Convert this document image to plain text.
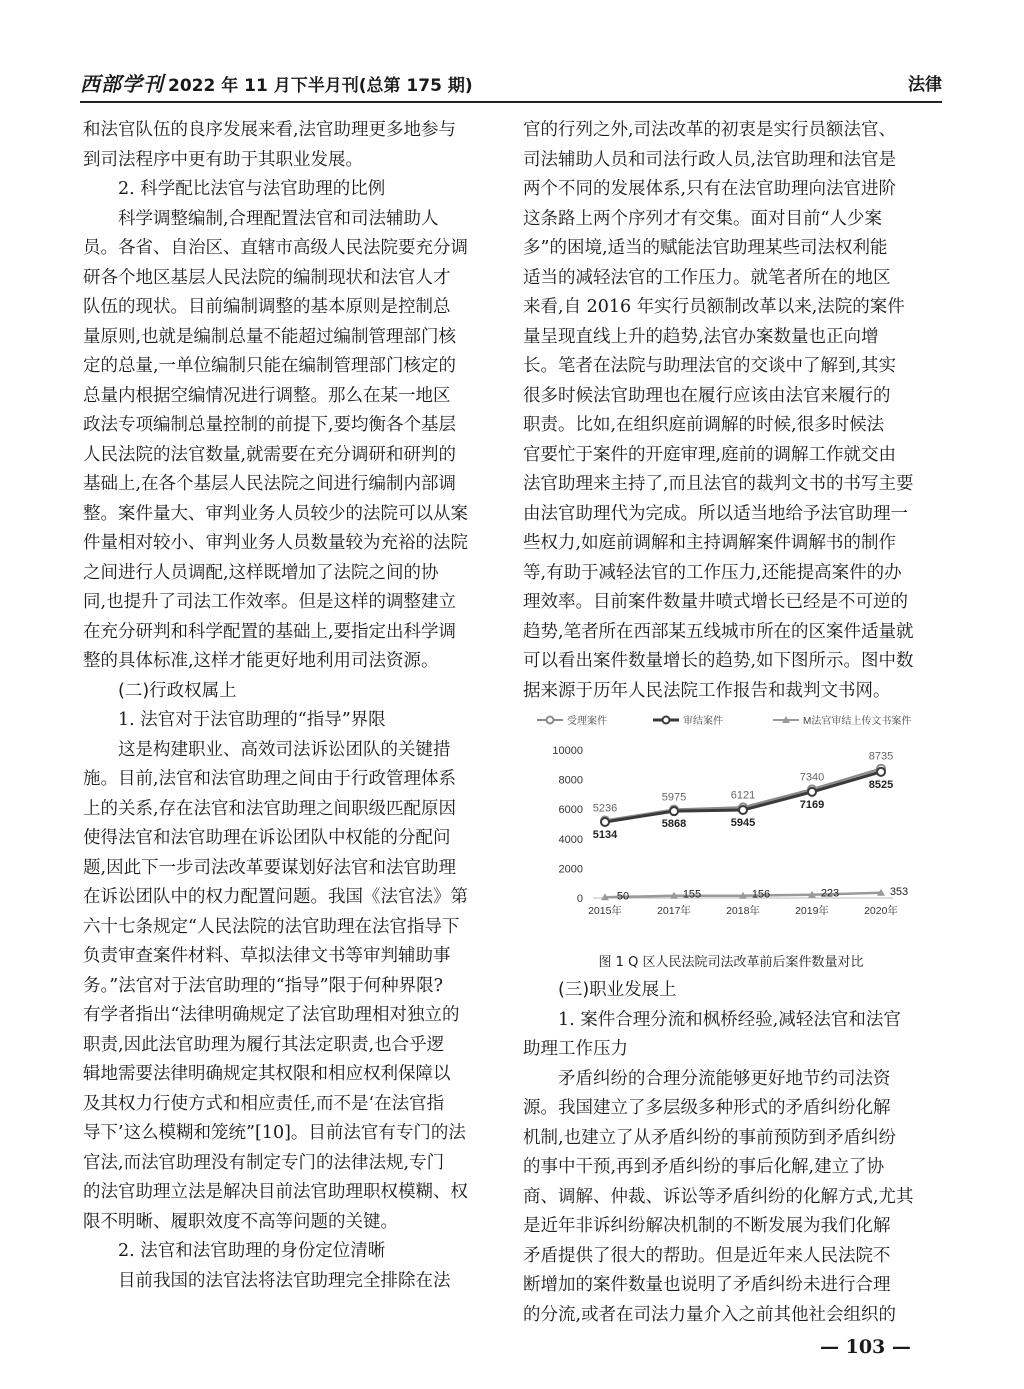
西部学刊 2022 年 11 月下半月刊(总第 175 期)	法律
和法官队伍的良序发展来看,法官助理更多地参与
到司法程序中更有助于其职业发展。
2. 科学配比法官与法官助理的比例
科学调整编制,合理配置法官和司法辅助人
员。各省、自治区、直辖市高级人民法院要充分调
研各个地区基层人民法院的编制现状和法官人才
队伍的现状。目前编制调整的基本原则是控制总
量原则,也就是编制总量不能超过编制管理部门核
定的总量,一单位编制只能在编制管理部门核定的
总量内根据空编情况进行调整。那么在某一地区
政法专项编制总量控制的前提下,要均衡各个基层
人民法院的法官数量,就需要在充分调研和研判的
基础上,在各个基层人民法院之间进行编制内部调
整。案件量大、审判业务人员较少的法院可以从案
件量相对较小、审判业务人员数量较为充裕的法院
之间进行人员调配,这样既增加了法院之间的协
同,也提升了司法工作效率。但是这样的调整建立
在充分研判和科学配置的基础上,要指定出科学调
整的具体标准,这样才能更好地利用司法资源。
(二)行政权属上
1. 法官对于法官助理的“指导”界限
这是构建职业、高效司法诉讼团队的关键措
施。目前,法官和法官助理之间由于行政管理体系
上的关系,存在法官和法官助理之间职级匹配原因
使得法官和法官助理在诉讼团队中权能的分配问
题,因此下一步司法改革要谋划好法官和法官助理
在诉讼团队中的权力配置问题。我国《法官法》第
六十七条规定“人民法院的法官助理在法官指导下
负责审查案件材料、草拟法律文书等审判辅助事
务。”法官对于法官助理的“指导”限于何种界限?
有学者指出“法律明确规定了法官助理相对独立的
职责,因此法官助理为履行其法定职责,也合乎逻
辑地需要法律明确规定其权限和相应权利保障以
及其权力行使方式和相应责任,而不是‘在法官指
导下’这么模糊和笼统”[10]。目前法官有专门的法
官法,而法官助理没有制定专门的法律法规,专门
的法官助理立法是解决目前法官助理职权模糊、权
限不明晰、履职效度不高等问题的关键。
2. 法官和法官助理的身份定位清晰
目前我国的法官法将法官助理完全排除在法
官的行列之外,司法改革的初衷是实行员额法官、
司法辅助人员和司法行政人员,法官助理和法官是
两个不同的发展体系,只有在法官助理向法官进阶
这条路上两个序列才有交集。面对目前“人少案
多”的困境,适当的赋能法官助理某些司法权利能
适当的减轻法官的工作压力。就笔者所在的地区
来看,自 2016 年实行员额制改革以来,法院的案件
量呈现直线上升的趋势,法官办案数量也正向增
长。笔者在法院与助理法官的交谈中了解到,其实
很多时候法官助理也在履行应该由法官来履行的
职责。比如,在组织庭前调解的时候,很多时候法
官要忙于案件的开庭审理,庭前的调解工作就交由
法官助理来主持了,而且法官的裁判文书的书写主要
由法官助理代为完成。所以适当地给予法官助理一
些权力,如庭前调解和主持调解案件调解书的制作
等,有助于减轻法官的工作压力,还能提高案件的办
理效率。目前案件数量井喷式增长已经是不可逆的
趋势,笔者所在西部某五线城市所在的区案件适量就
可以看出案件数量增长的趋势,如下图所示。图中数
据来源于历年人民法院工作报告和裁判文书网。
受理案件	审结案件	M法官审结上传文书案件
0
2000
4000
6000
8000
10000
2015年	2017年	2018年	2019年	2020年
5236
5975	6121
7340
8735
5134
5868	5945
7169
8525
50	155	156	223	353
图 1 Q 区人民法院司法改革前后案件数量对比
(三)职业发展上
1. 案件合理分流和枫桥经验,减轻法官和法官
助理工作压力
矛盾纠纷的合理分流能够更好地节约司法资
源。我国建立了多层级多种形式的矛盾纠纷化解
机制,也建立了从矛盾纠纷的事前预防到矛盾纠纷
的事中干预,再到矛盾纠纷的事后化解,建立了协
商、调解、仲裁、诉讼等矛盾纠纷的化解方式,尤其
是近年非诉纠纷解决机制的不断发展为我们化解
矛盾提供了很大的帮助。但是近年来人民法院不
断增加的案件数量也说明了矛盾纠纷未进行合理
的分流,或者在司法力量介入之前其他社会组织的
— 103 —
